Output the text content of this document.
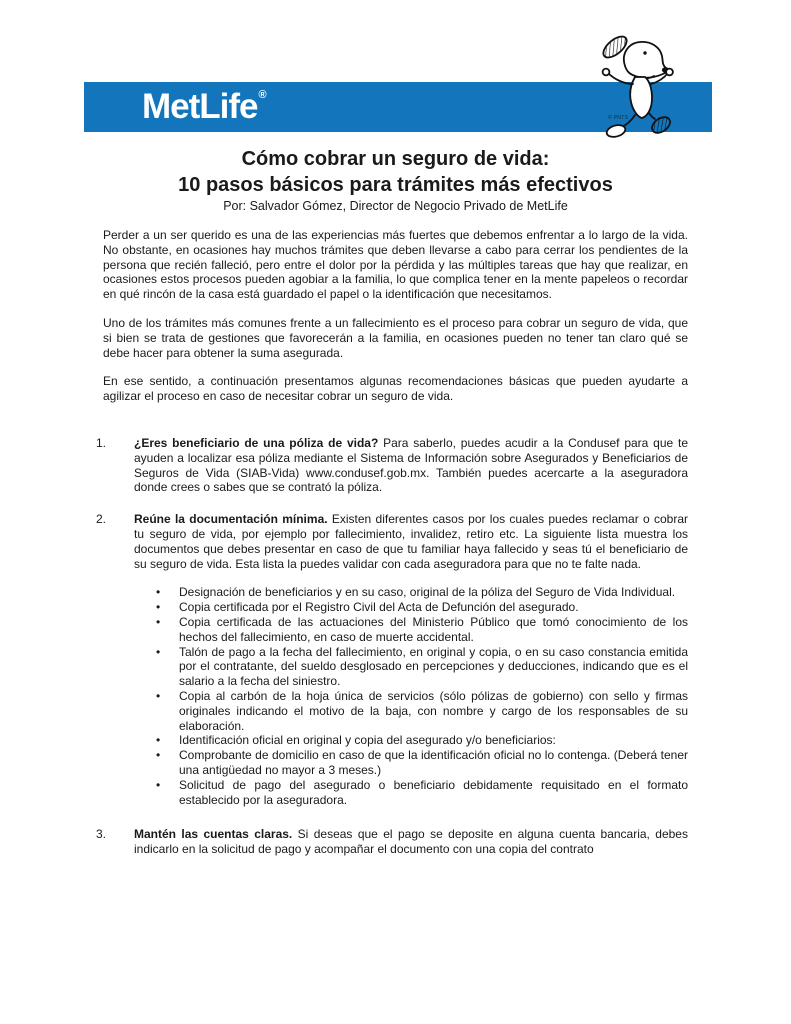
MetLife ®
© PNTS
Cómo cobrar un seguro de vida:
10 pasos básicos para trámites más efectivos
Por: Salvador Gómez, Director de Negocio Privado de MetLife

Perder a un ser querido es una de las experiencias más fuertes que debemos enfrentar a lo largo de la vida. No obstante, en ocasiones hay muchos trámites que deben llevarse a cabo para cerrar los pendientes de la persona que recién falleció, pero entre el dolor por la pérdida y las múltiples tareas que hay que realizar, en ocasiones estos procesos pueden agobiar a la familia, lo que complica tener en la mente papeleos o recordar en qué rincón de la casa está guardado el papel o la identificación que necesitamos.

Uno de los trámites más comunes frente a un fallecimiento es el proceso para cobrar un seguro de vida, que si bien se trata de gestiones que favorecerán a la familia, en ocasiones pueden no tener tan claro qué se debe hacer para obtener la suma asegurada.

En ese sentido, a continuación presentamos algunas recomendaciones básicas que pueden ayudarte a agilizar el proceso en caso de necesitar cobrar un seguro de vida.

1.	¿Eres beneficiario de una póliza de vida? Para saberlo, puedes acudir a la Condusef para que te ayuden a localizar esa póliza mediante el Sistema de Información sobre Asegurados y Beneficiarios de Seguros de Vida (SIAB-Vida) www.condusef.gob.mx. También puedes acercarte a la aseguradora donde crees o sabes que se contrató la póliza.
2.	Reúne la documentación mínima. Existen diferentes casos por los cuales puedes reclamar o cobrar tu seguro de vida, por ejemplo por fallecimiento, invalidez, retiro etc. La siguiente lista muestra los documentos que debes presentar en caso de que tu familiar haya fallecido y seas tú el beneficiario de su seguro de vida. Esta lista la puedes validar con cada aseguradora para que no te falte nada.
•	Designación de beneficiarios y en su caso, original de la póliza del Seguro de Vida Individual.
•	Copia certificada por el Registro Civil del Acta de Defunción del asegurado.
•	Copia certificada de las actuaciones del Ministerio Público que tomó conocimiento de los hechos del fallecimiento, en caso de muerte accidental.
•	Talón de pago a la fecha del fallecimiento, en original y copia, o en su caso constancia emitida por el contratante, del sueldo desglosado en percepciones y deducciones, indicando que es el salario a la fecha del siniestro.
•	Copia al carbón de la hoja única de servicios (sólo pólizas de gobierno) con sello y firmas originales indicando el motivo de la baja, con nombre y cargo de los responsables de su elaboración.
•	Identificación oficial en original y copia del asegurado y/o beneficiarios:
•	Comprobante de domicilio en caso de que la identificación oficial no lo contenga. (Deberá tener una antigüedad no mayor a 3 meses.)
•	Solicitud de pago del asegurado o beneficiario debidamente requisitado en el formato establecido por la aseguradora.
3.	Mantén las cuentas claras. Si deseas que el pago se deposite en alguna cuenta bancaria, debes indicarlo en la solicitud de pago y acompañar el documento con una copia del contrato
